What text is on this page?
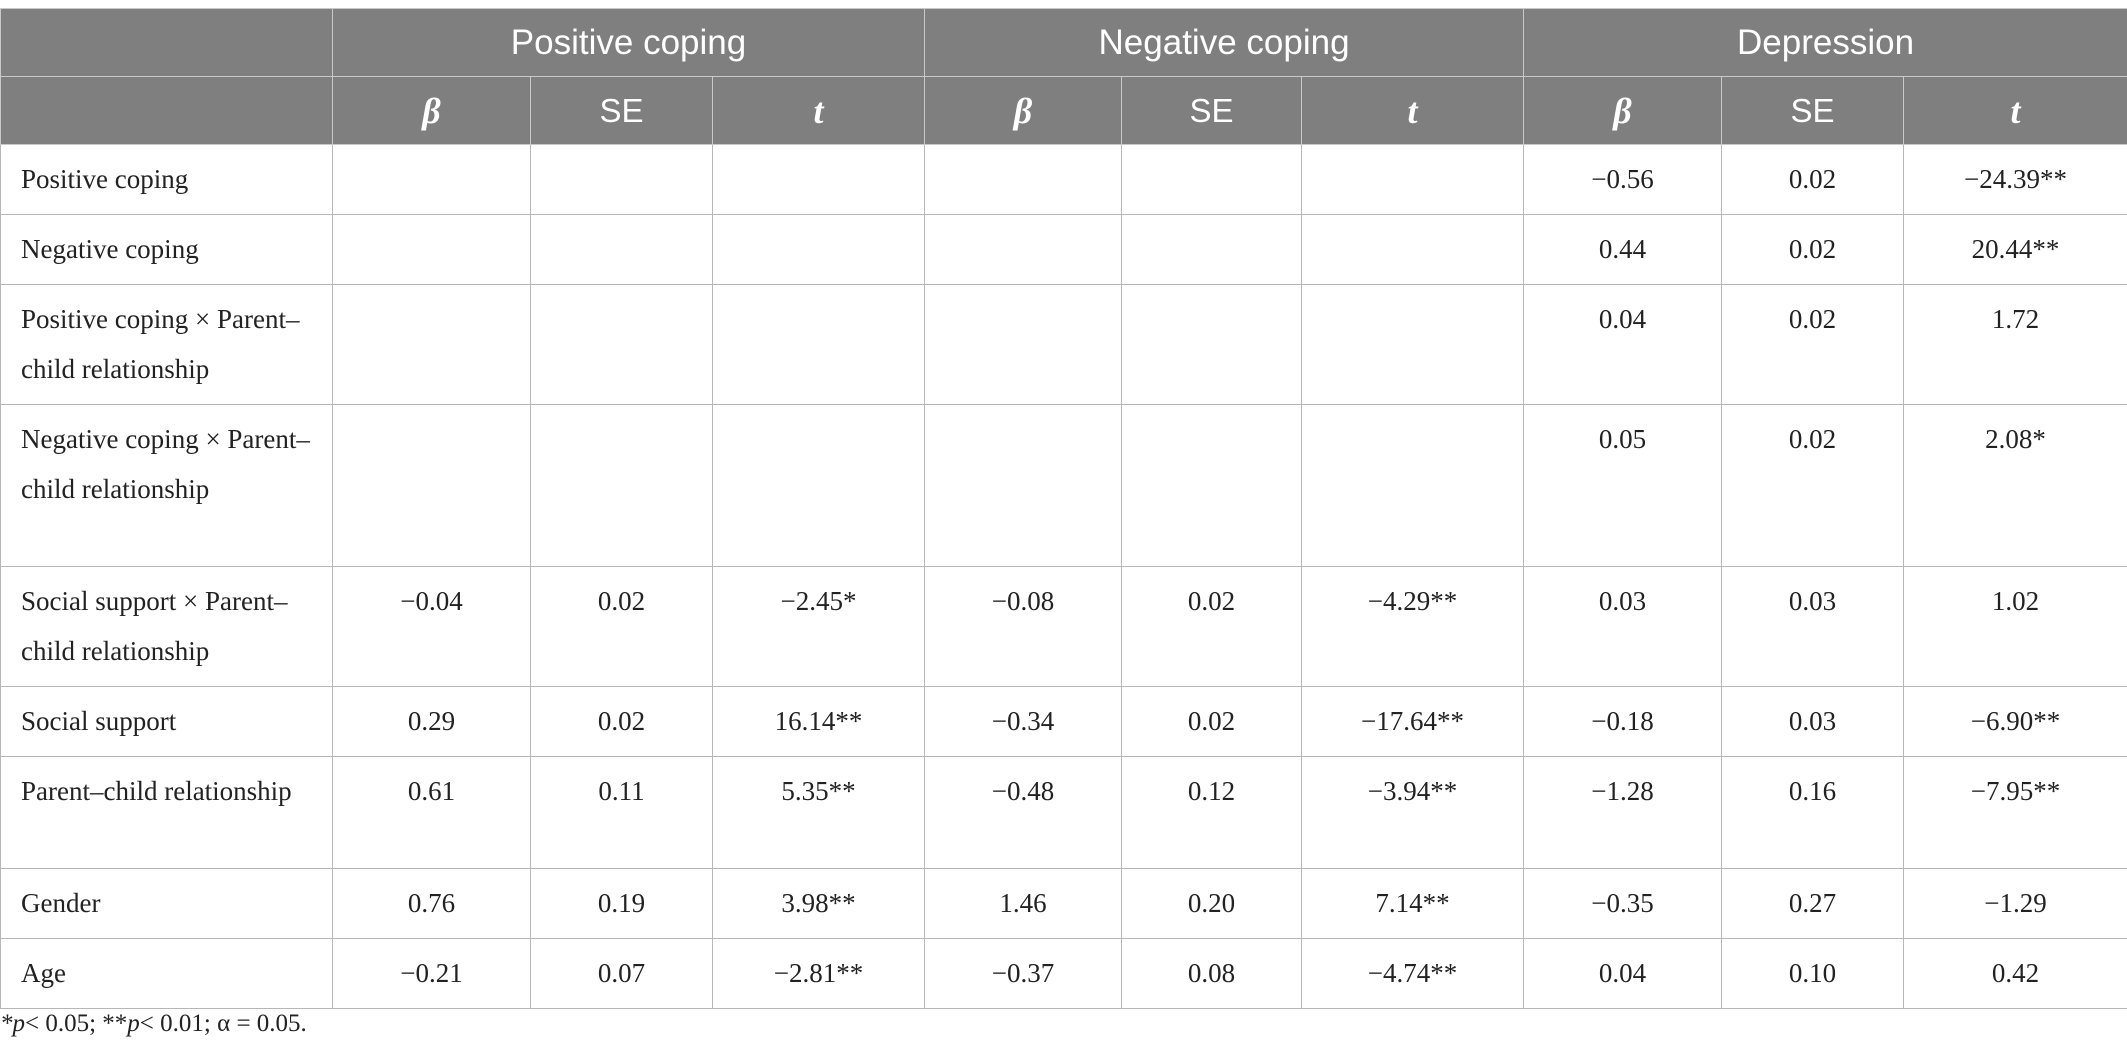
	Positive coping			Negative coping			Depression		
	β	SE	t	β	SE	t	β	SE	t
Positive coping							−0.56	0.02	−24.39**
Negative coping							0.44	0.02	20.44**
Positive coping × Parent–child relationship							0.04	0.02	1.72
Negative coping × Parent–child relationship							0.05	0.02	2.08*
Social support × Parent–child relationship	−0.04	0.02	−2.45*	−0.08	0.02	−4.29**	0.03	0.03	1.02
Social support	0.29	0.02	16.14**	−0.34	0.02	−17.64**	−0.18	0.03	−6.90**
Parent–child relationship	0.61	0.11	5.35**	−0.48	0.12	−3.94**	−1.28	0.16	−7.95**
Gender	0.76	0.19	3.98**	1.46	0.20	7.14**	−0.35	0.27	−1.29
Age	−0.21	0.07	−2.81**	−0.37	0.08	−4.74**	0.04	0.10	0.42
*p< 0.05; **p< 0.01; α = 0.05.
